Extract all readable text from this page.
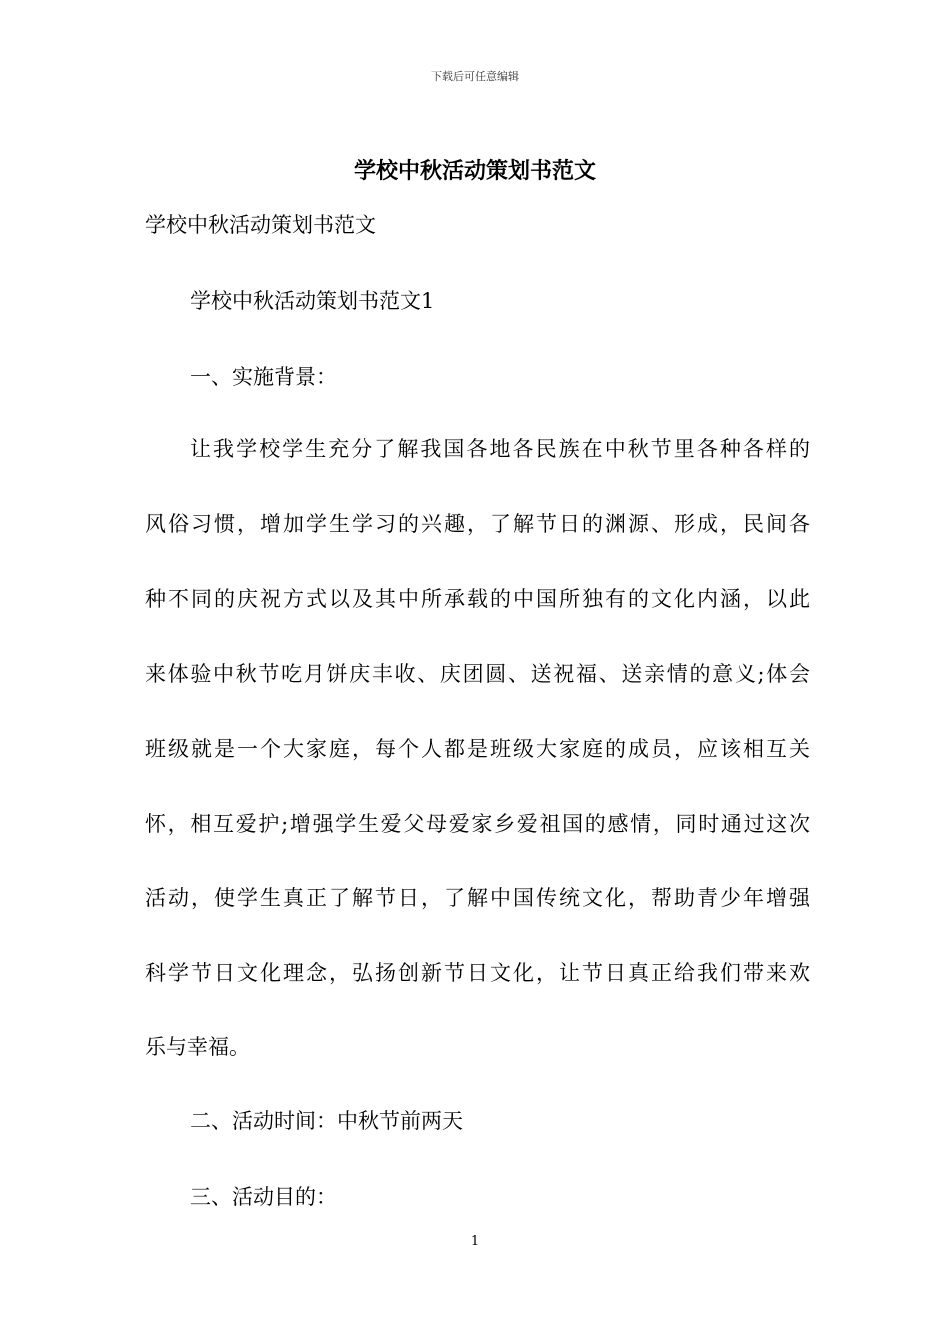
下载后可任意编辑
学校中秋活动策划书范文

学校中秋活动策划书范文

学校中秋活动策划书范文1

一、实施背景：

让我学校学生充分了解我国各地各民族在中秋节里各种各样的

风俗习惯，增加学生学习的兴趣，了解节日的渊源、形成，民间各

种不同的庆祝方式以及其中所承载的中国所独有的文化内涵，以此

来体验中秋节吃月饼庆丰收、庆团圆、送祝福、送亲情的意义;体会

班级就是一个大家庭，每个人都是班级大家庭的成员，应该相互关

怀，相互爱护;增强学生爱父母爱家乡爱祖国的感情，同时通过这次

活动，使学生真正了解节日，了解中国传统文化，帮助青少年增强

科学节日文化理念，弘扬创新节日文化，让节日真正给我们带来欢

乐与幸福。

二、活动时间：中秋节前两天

三、活动目的：

1
